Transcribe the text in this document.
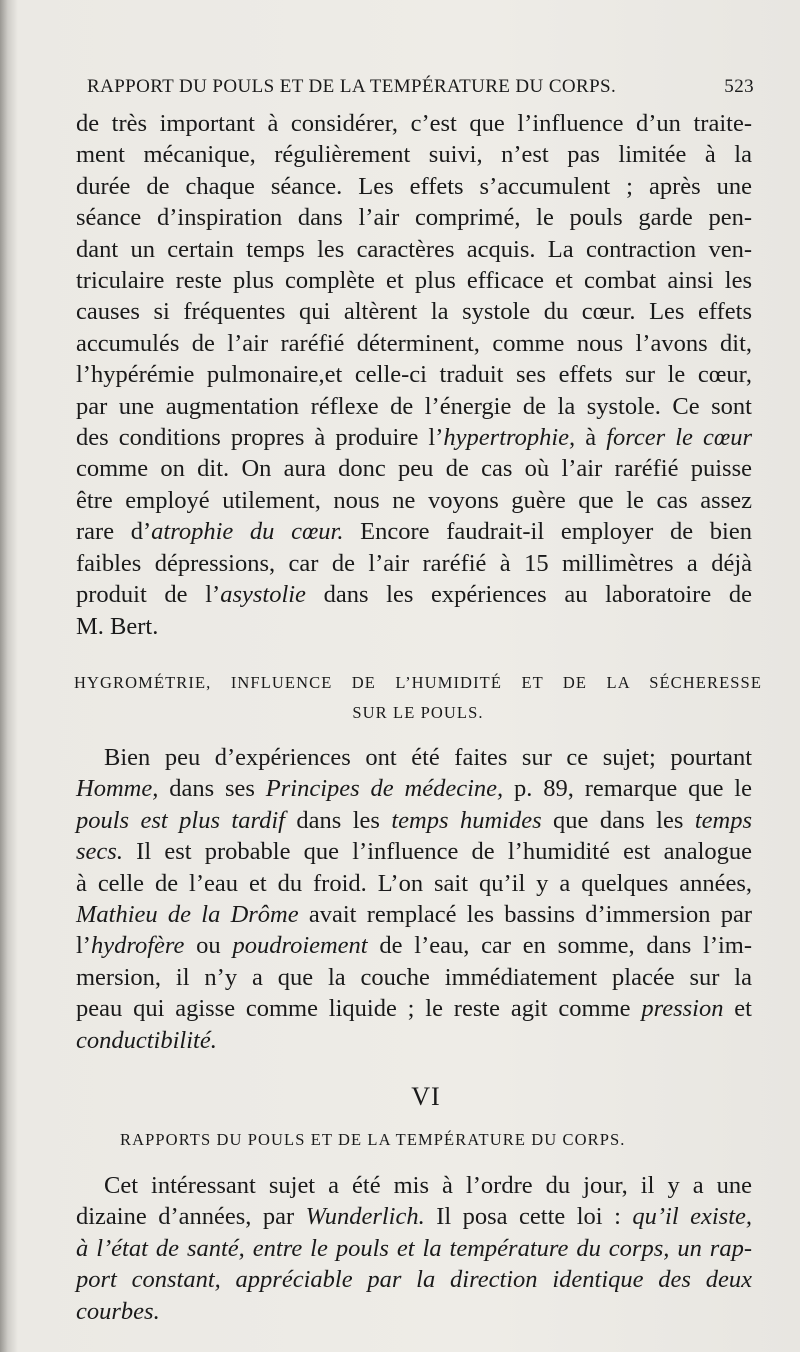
RAPPORT DU POULS ET DE LA TEMPÉRATURE DU CORPS.	523
de très important à considérer, c’est que l’influence d’un traite-
ment mécanique, régulièrement suivi, n’est pas limitée à la
durée de chaque séance. Les effets s’accumulent ; après une
séance d’inspiration dans l’air comprimé, le pouls garde pen-
dant un certain temps les caractères acquis. La contraction ven-
triculaire reste plus complète et plus efficace et combat ainsi les
causes si fréquentes qui altèrent la systole du cœur. Les effets
accumulés de l’air raréfié déterminent, comme nous l’avons dit,
l’hypérémie pulmonaire,et celle-ci traduit ses effets sur le cœur,
par une augmentation réflexe de l’énergie de la systole. Ce sont
des conditions propres à produire l’hypertrophie, à forcer le cœur
comme on dit. On aura donc peu de cas où l’air raréfié puisse
être employé utilement, nous ne voyons guère que le cas assez
rare d’atrophie du cœur. Encore faudrait-il employer de bien
faibles dépressions, car de l’air raréfié à 15 millimètres a déjà
produit de l’asystolie dans les expériences au laboratoire de
M. Bert.
HYGROMÉTRIE, INFLUENCE DE L’HUMIDITÉ ET DE LA SÉCHERESSE
SUR LE POULS.
Bien peu d’expériences ont été faites sur ce sujet; pourtant
Homme, dans ses Principes de médecine, p. 89, remarque que le
pouls est plus tardif dans les temps humides que dans les temps
secs. Il est probable que l’influence de l’humidité est analogue
à celle de l’eau et du froid. L’on sait qu’il y a quelques années,
Mathieu de la Drôme avait remplacé les bassins d’immersion par
l’hydrofère ou poudroiement de l’eau, car en somme, dans l’im-
mersion, il n’y a que la couche immédiatement placée sur la
peau qui agisse comme liquide ; le reste agit comme pression et
conductibilité.
VI
RAPPORTS DU POULS ET DE LA TEMPÉRATURE DU CORPS.
Cet intéressant sujet a été mis à l’ordre du jour, il y a une
dizaine d’années, par Wunderlich. Il posa cette loi : qu’il existe,
à l’état de santé, entre le pouls et la température du corps, un rap-
port constant, appréciable par la direction identique des deux
courbes.
